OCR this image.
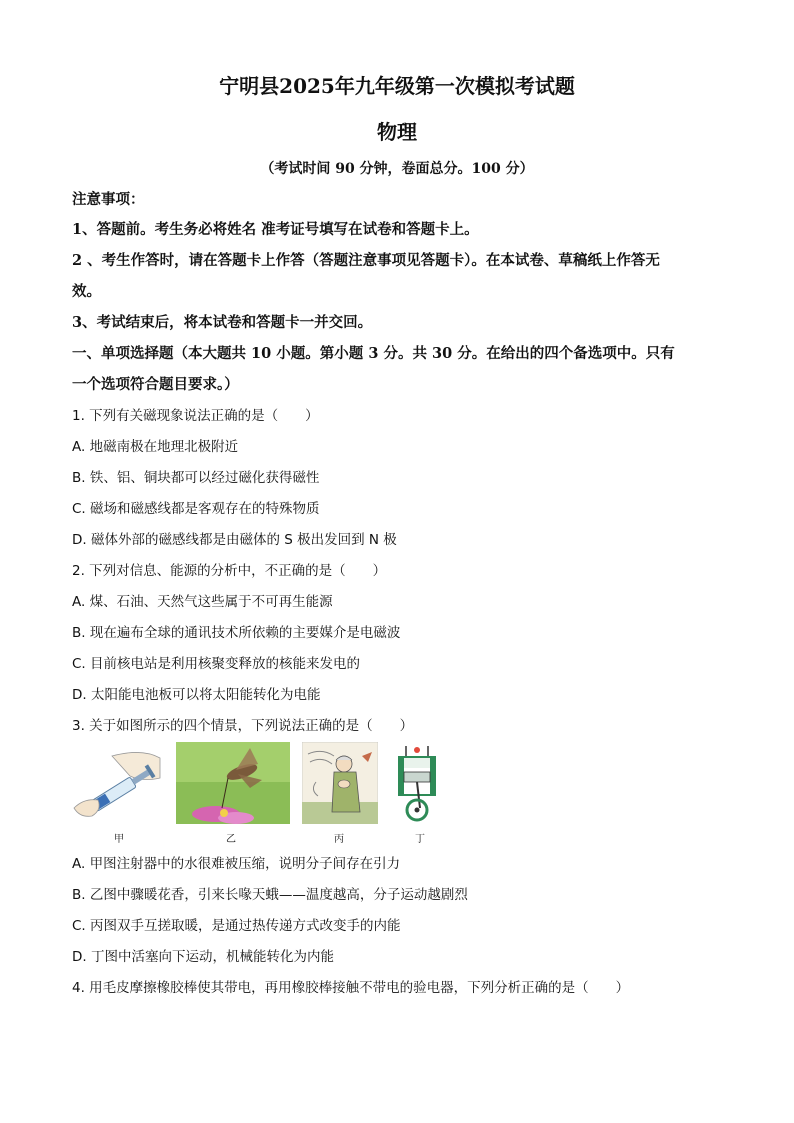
宁明县2025年九年级第一次模拟考试题
物理
（考试时间 90 分钟，卷面总分。100 分）
注意事项：
1、答题前。考生务必将姓名 准考证号填写在试卷和答题卡上。
2 、考生作答时，请在答题卡上作答（答题注意事项见答题卡）。在本试卷、草稿纸上作答无
效。
3、考试结束后，将本试卷和答题卡一并交回。
一、单项选择题（本大题共 10 小题。第小题 3 分。共 30 分。在给出的四个备选项中。只有
一个选项符合题目要求。）
1. 下列有关磁现象说法正确的是（　　）
A. 地磁南极在地理北极附近
B. 铁、铝、铜块都可以经过磁化获得磁性
C. 磁场和磁感线都是客观存在的特殊物质
D. 磁体外部的磁感线都是由磁体的 S 极出发回到 N 极
2. 下列对信息、能源的分析中，不正确的是（　　）
A. 煤、石油、天然气这些属于不可再生能源
B. 现在遍布全球的通讯技术所依赖的主要媒介是电磁波
C. 目前核电站是利用核聚变释放的核能来发电的
D. 太阳能电池板可以将太阳能转化为电能
3. 关于如图所示的四个情景，下列说法正确的是（　　）
甲	乙	丙	丁
A. 甲图注射器中的水很难被压缩，说明分子间存在引力
B. 乙图中骤暖花香，引来长喙天蛾——温度越高，分子运动越剧烈
C. 丙图双手互搓取暖，是通过热传递方式改变手的内能
D. 丁图中活塞向下运动，机械能转化为内能
4. 用毛皮摩擦橡胶棒使其带电，再用橡胶棒接触不带电的验电器，下列分析正确的是（　　）
